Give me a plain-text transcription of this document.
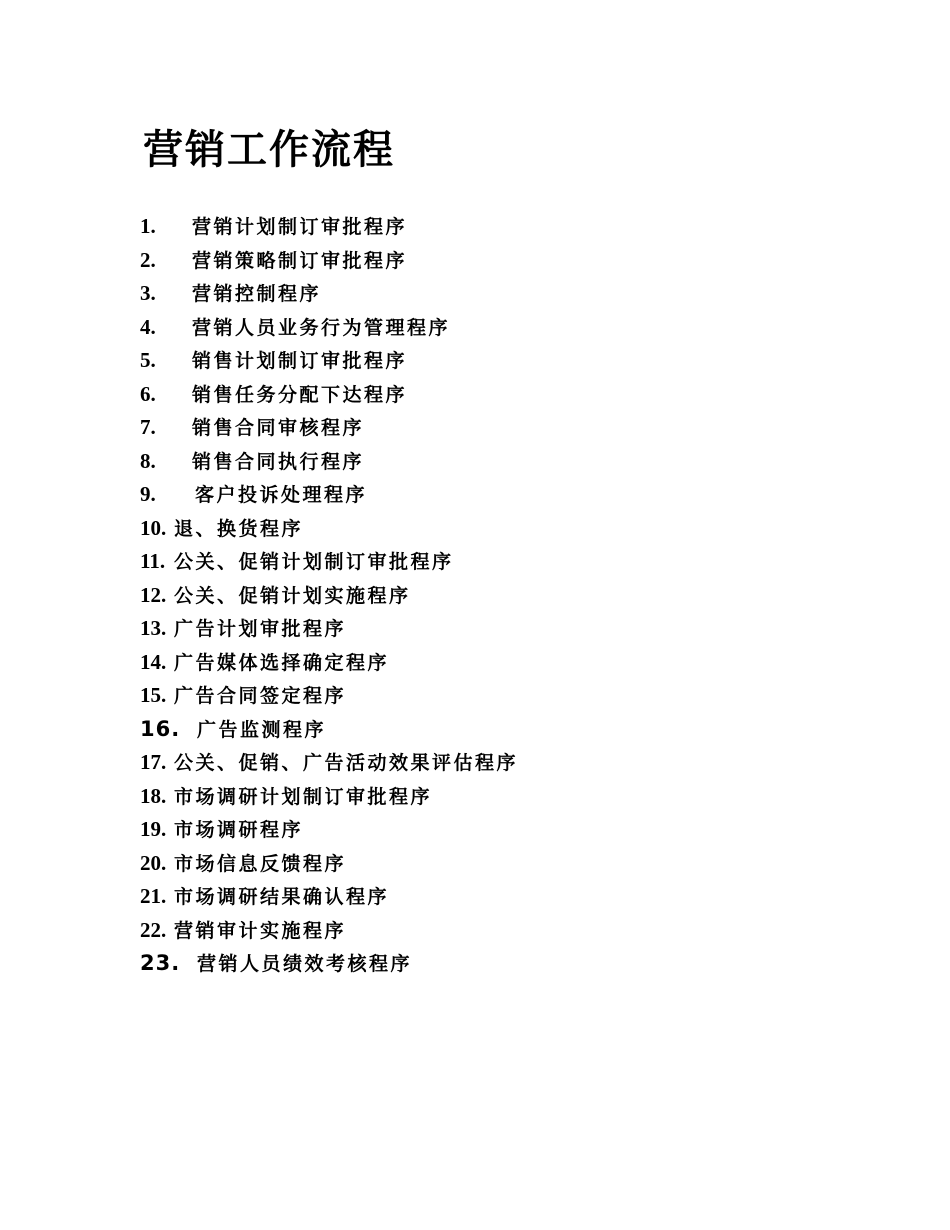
营销工作流程
1.	营销计划制订审批程序
2.	营销策略制订审批程序
3.	营销控制程序
4.	营销人员业务行为管理程序
5.	销售计划制订审批程序
6.	销售任务分配下达程序
7.	销售合同审核程序
8.	销售合同执行程序
9.	客户投诉处理程序
10. 退、换货程序
11. 公关、促销计划制订审批程序
12. 公关、促销计划实施程序
13. 广告计划审批程序
14. 广告媒体选择确定程序
15. 广告合同签定程序
16. 广告监测程序
17. 公关、促销、广告活动效果评估程序
18. 市场调研计划制订审批程序
19. 市场调研程序
20. 市场信息反馈程序
21. 市场调研结果确认程序
22. 营销审计实施程序
23. 营销人员绩效考核程序
